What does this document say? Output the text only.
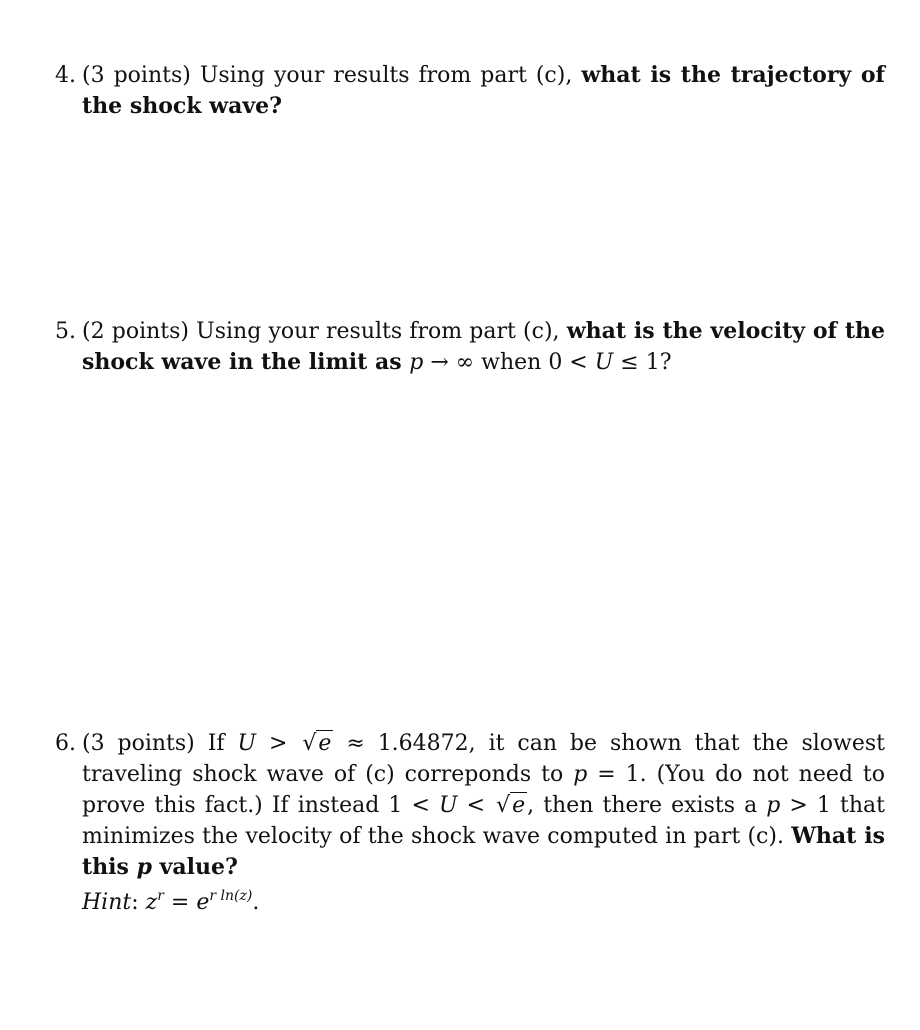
4. (3 points) Using your results from part (c), what is the trajectory of the shock wave?
5. (2 points) Using your results from part (c), what is the velocity of the shock wave in the limit as p → ∞ when 0 < U ≤ 1?
6. (3 points) If U > √e ≈ 1.64872, it can be shown that the slowest traveling shock wave of (c) correponds to p = 1. (You do not need to prove this fact.) If instead 1 < U < √e, then there exists a p > 1 that minimizes the velocity of the shock wave computed in part (c). What is this p value?
Hint: $z^r = e^{r ln(z)}$.
